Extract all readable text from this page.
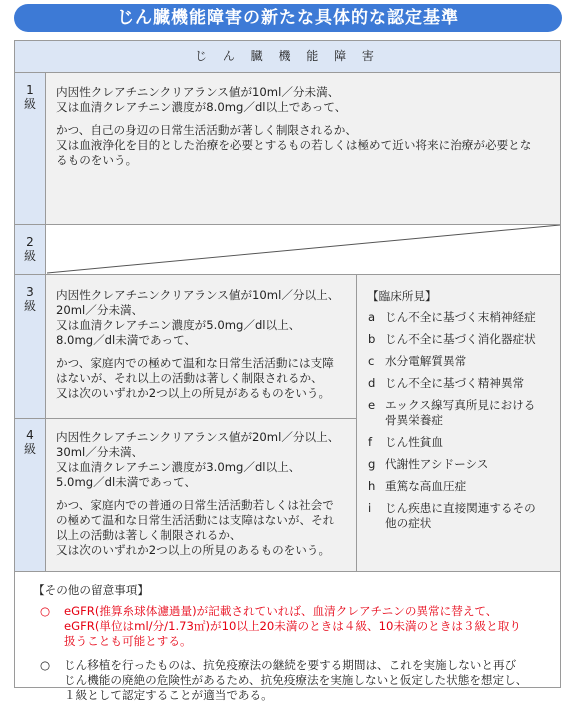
じん臓機能障害の新たな具体的な認定基準
じ ん 臓 機 能 障 害
1
級

内因性クレアチニンクリアランス値が10ml／分未満、
又は血清クレアチニン濃度が8.0mg／dl以上であって、

かつ、自己の身辺の日常生活活動が著しく制限されるか、
又は血液浄化を目的とした治療を必要とするもの若しくは極めて近い将来に治療が必要とな
るものをいう。

2
級
3
級
4
級

内因性クレアチニンクリアランス値が10ml／分以上、
20ml／分未満、
又は血清クレアチニン濃度が5.0mg／dl以上、
8.0mg／dl未満であって、

かつ、家庭内での極めて温和な日常生活活動には支障
はないが、それ以上の活動は著しく制限されるか、
又は次のいずれか2つ以上の所見があるものをいう。

内因性クレアチニンクリアランス値が20ml／分以上、
30ml／分未満、
又は血清クレアチニン濃度が3.0mg／dl以上、
5.0mg／dl未満であって、

かつ、家庭内での普通の日常生活活動若しくは社会で
の極めて温和な日常生活活動には支障はないが、それ
以上の活動は著しく制限されるか、
又は次のいずれか2つ以上の所見のあるものをいう。

【臨床所見】
a じん不全に基づく末梢神経症
b じん不全に基づく消化器症状
c 水分電解質異常
d じん不全に基づく精神異常
e エックス線写真所見における
骨異栄養症
f	じん性貧血
g 代謝性アシドーシス
h 重篤な高血圧症
i	じん疾患に直接関連するその
他の症状
【その他の留意事項】
○ eGFR(推算糸球体濾過量)が記載されていれば、血清クレアチニンの異常に替えて、
eGFR(単位はml/分/1.73㎡)が10以上20未満のときは４級、10未満のときは３級と取り
扱うことも可能とする。
○ じん移植を行ったものは、抗免疫療法の継続を要する期間は、これを実施しないと再び
じん機能の廃絶の危険性があるため、抗免疫療法を実施しないと仮定した状態を想定し、
１級として認定することが適当である。
